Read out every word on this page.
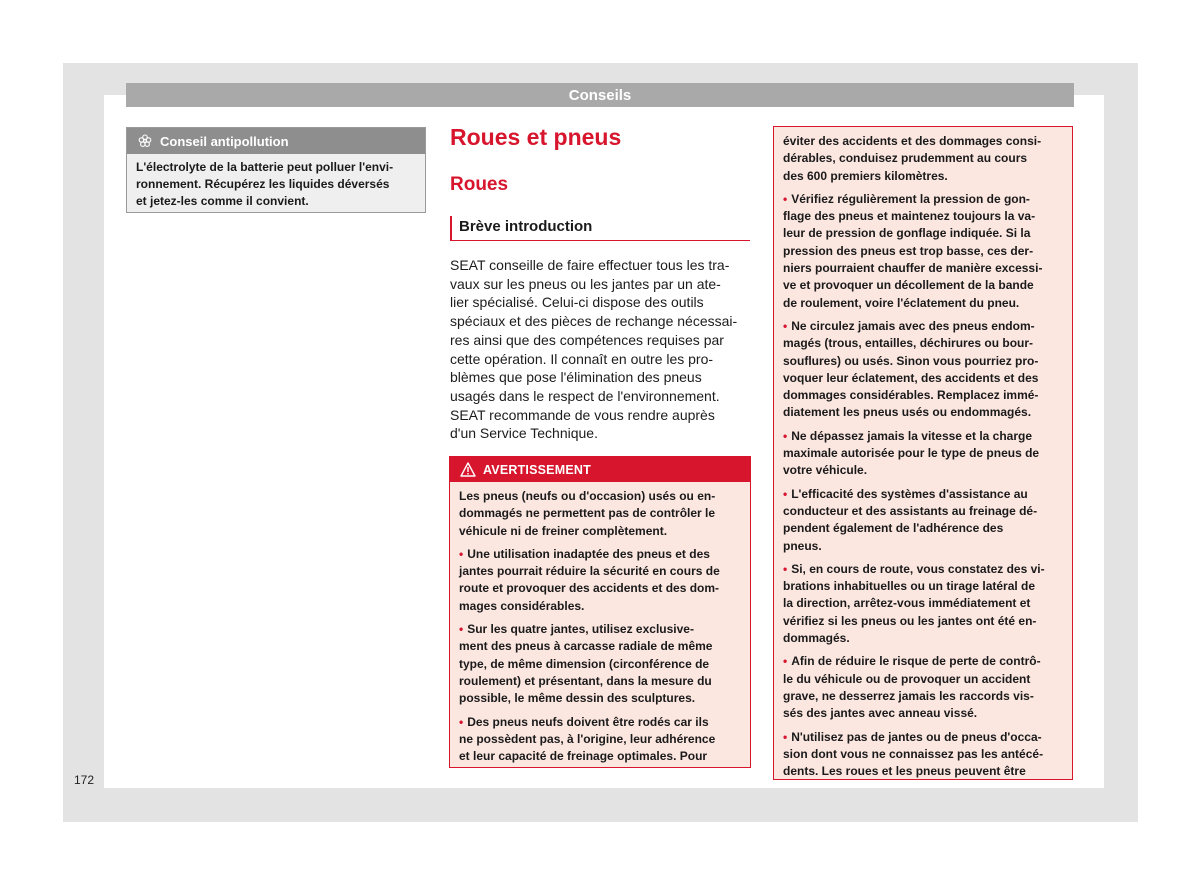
Conseils
172
Conseil antipollution
L'électrolyte de la batterie peut polluer l'envi-
ronnement. Récupérez les liquides déversés
et jetez-les comme il convient.
Roues et pneus
Roues
Brève introduction
SEAT conseille de faire effectuer tous les tra-
vaux sur les pneus ou les jantes par un ate-
lier spécialisé. Celui-ci dispose des outils
spéciaux et des pièces de rechange nécessai-
res ainsi que des compétences requises par
cette opération. Il connaît en outre les pro-
blèmes que pose l'élimination des pneus
usagés dans le respect de l'environnement.
SEAT recommande de vous rendre auprès
d'un Service Technique.
AVERTISSEMENT

Les pneus (neufs ou d'occasion) usés ou en-
dommagés ne permettent pas de contrôler le
véhicule ni de freiner complètement.

• Une utilisation inadaptée des pneus et des
jantes pourrait réduire la sécurité en cours de
route et provoquer des accidents et des dom-
mages considérables.

• Sur les quatre jantes, utilisez exclusive-
ment des pneus à carcasse radiale de même
type, de même dimension (circonférence de
roulement) et présentant, dans la mesure du
possible, le même dessin des sculptures.

• Des pneus neufs doivent être rodés car ils
ne possèdent pas, à l'origine, leur adhérence
et leur capacité de freinage optimales. Pour

éviter des accidents et des dommages consi-
dérables, conduisez prudemment au cours
des 600 premiers kilomètres.

• Vérifiez régulièrement la pression de gon-
flage des pneus et maintenez toujours la va-
leur de pression de gonflage indiquée. Si la
pression des pneus est trop basse, ces der-
niers pourraient chauffer de manière excessi-
ve et provoquer un décollement de la bande
de roulement, voire l'éclatement du pneu.

• Ne circulez jamais avec des pneus endom-
magés (trous, entailles, déchirures ou bour-
souflures) ou usés. Sinon vous pourriez pro-
voquer leur éclatement, des accidents et des
dommages considérables. Remplacez immé-
diatement les pneus usés ou endommagés.

• Ne dépassez jamais la vitesse et la charge
maximale autorisée pour le type de pneus de
votre véhicule.

• L'efficacité des systèmes d'assistance au
conducteur et des assistants au freinage dé-
pendent également de l'adhérence des
pneus.

• Si, en cours de route, vous constatez des vi-
brations inhabituelles ou un tirage latéral de
la direction, arrêtez-vous immédiatement et
vérifiez si les pneus ou les jantes ont été en-
dommagés.

• Afin de réduire le risque de perte de contrô-
le du véhicule ou de provoquer un accident
grave, ne desserrez jamais les raccords vis-
sés des jantes avec anneau vissé.

• N'utilisez pas de jantes ou de pneus d'occa-
sion dont vous ne connaissez pas les antécé-
dents. Les roues et les pneus peuvent être
